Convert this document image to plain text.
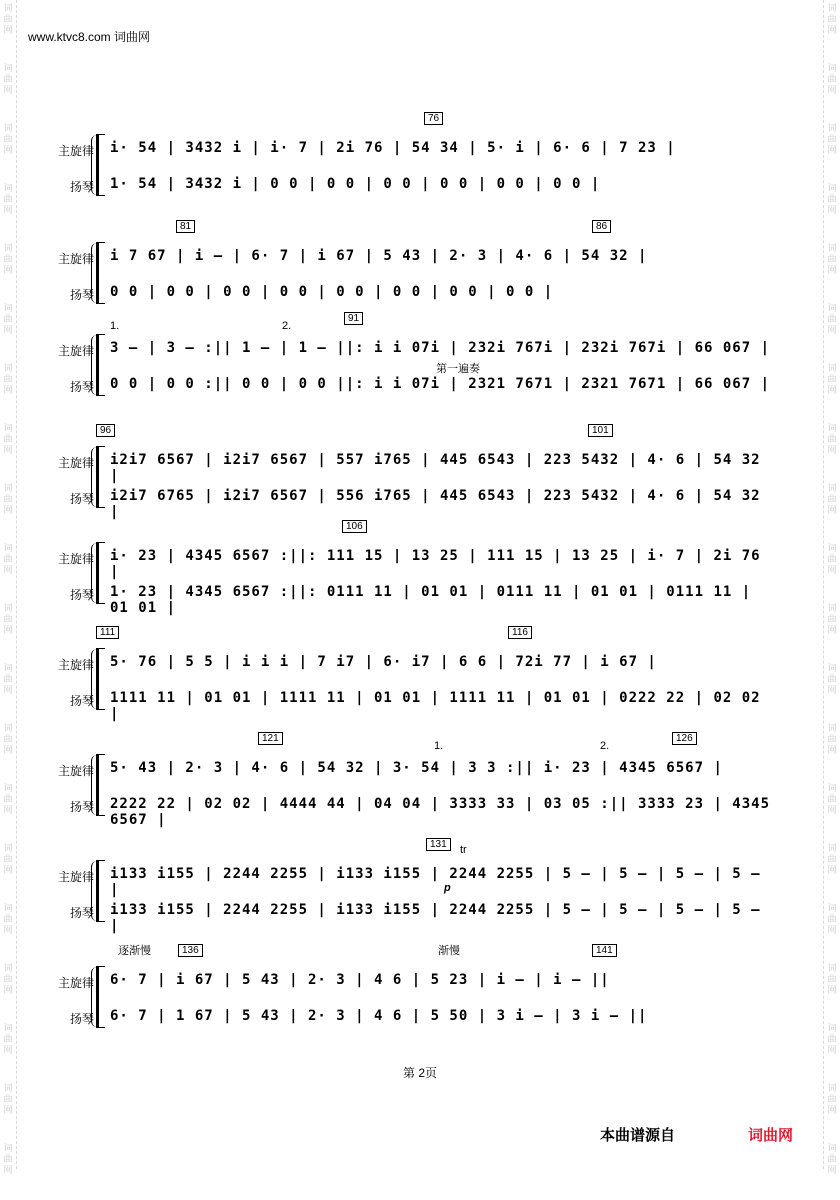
词
曲
网
词
曲
网
词
曲
网
词
曲
网
词
曲
网
词
曲
网
词
曲
网
词
曲
网
词
曲
网
词
曲
网
词
曲
网
词
曲
网
词
曲
网
词
曲
网
词
曲
网
词
曲
网
词
曲
网
词
曲
网
词
曲
网
词
曲
网
词
曲
网
词
曲
网
词
曲
网
词
曲
网
词
曲
网
词
曲
网
词
曲
网
词
曲
网
词
曲
网
词
曲
网
词
曲
网
词
曲
网
词
曲
网
词
曲
网
词
曲
网
词
曲
网
词
曲
网
词
曲
网
词
曲
网
词
曲
网
www.ktvc8.com 词曲网
76
主旋律
扬琴
i· 54 | 3432 i | i· 7 | 2i 76 | 54 34 | 5· i | 6· 6 | 7 23 |
1· 54 | 3432 i | 0 0 | 0 0 | 0 0 | 0 0 | 0 0 | 0 0 |
81	86
主旋律
扬琴
i 7 67 | i – | 6· 7 | i 67 | 5 43 | 2· 3 | 4· 6 | 54 32 |
0 0 | 0 0 | 0 0 | 0 0 | 0 0 | 0 0 | 0 0 | 0 0 |
91
1.	2.
第一遍奏
主旋律
扬琴
3 – | 3 – :|| 1 – | 1 – ||: i i 07i | 232i 767i | 232i 767i | 66 067 |
0 0 | 0 0 :|| 0 0 | 0 0 ||: i i 07i | 2321 7671 | 2321 7671 | 66 067 |
96	101
主旋律
扬琴
i2i7 6567 | i2i7 6567 | 557 i765 | 445 6543 | 223 5432 | 4· 6 | 54 32 |
i2i7 6765 | i2i7 6567 | 556 i765 | 445 6543 | 223 5432 | 4· 6 | 54 32 |
106
主旋律
扬琴
i· 23 | 4345 6567 :||: 111 15 | 13 25 | 111 15 | 13 25 | i· 7 | 2i 76 |
1· 23 | 4345 6567 :||: 0111 11 | 01 01 | 0111 11 | 01 01 | 0111 11 | 01 01 |
111	116
主旋律
扬琴
5· 76 | 5 5 | i i i | 7 i7 | 6· i7 | 6 6 | 72i 77 | i 67 |
1111 11 | 01 01 | 1111 11 | 01 01 | 1111 11 | 01 01 | 0222 22 | 02 02 |
121	126
1.	2.
主旋律
扬琴
5· 43 | 2· 3 | 4· 6 | 54 32 | 3· 54 | 3 3 :|| i· 23 | 4345 6567 |
2222 22 | 02 02 | 4444 44 | 04 04 | 3333 33 | 03 05 :|| 3333 23 | 4345 6567 |
131	tr
p
主旋律
扬琴
i133 i155 | 2244 2255 | i133 i155 | 2244 2255 | 5 – | 5 – | 5 – | 5 – |
i133 i155 | 2244 2255 | i133 i155 | 2244 2255 | 5 – | 5 – | 5 – | 5 – |
136	141
逐渐慢	渐慢
主旋律
扬琴
6· 7 | i 67 | 5 43 | 2· 3 | 4 6 | 5 23 | i – | i – ||
6· 7 | 1 67 | 5 43 | 2· 3 | 4 6 | 5 50 | 3 i – | 3 i – ||
第 2页
本曲谱源自	词曲网
